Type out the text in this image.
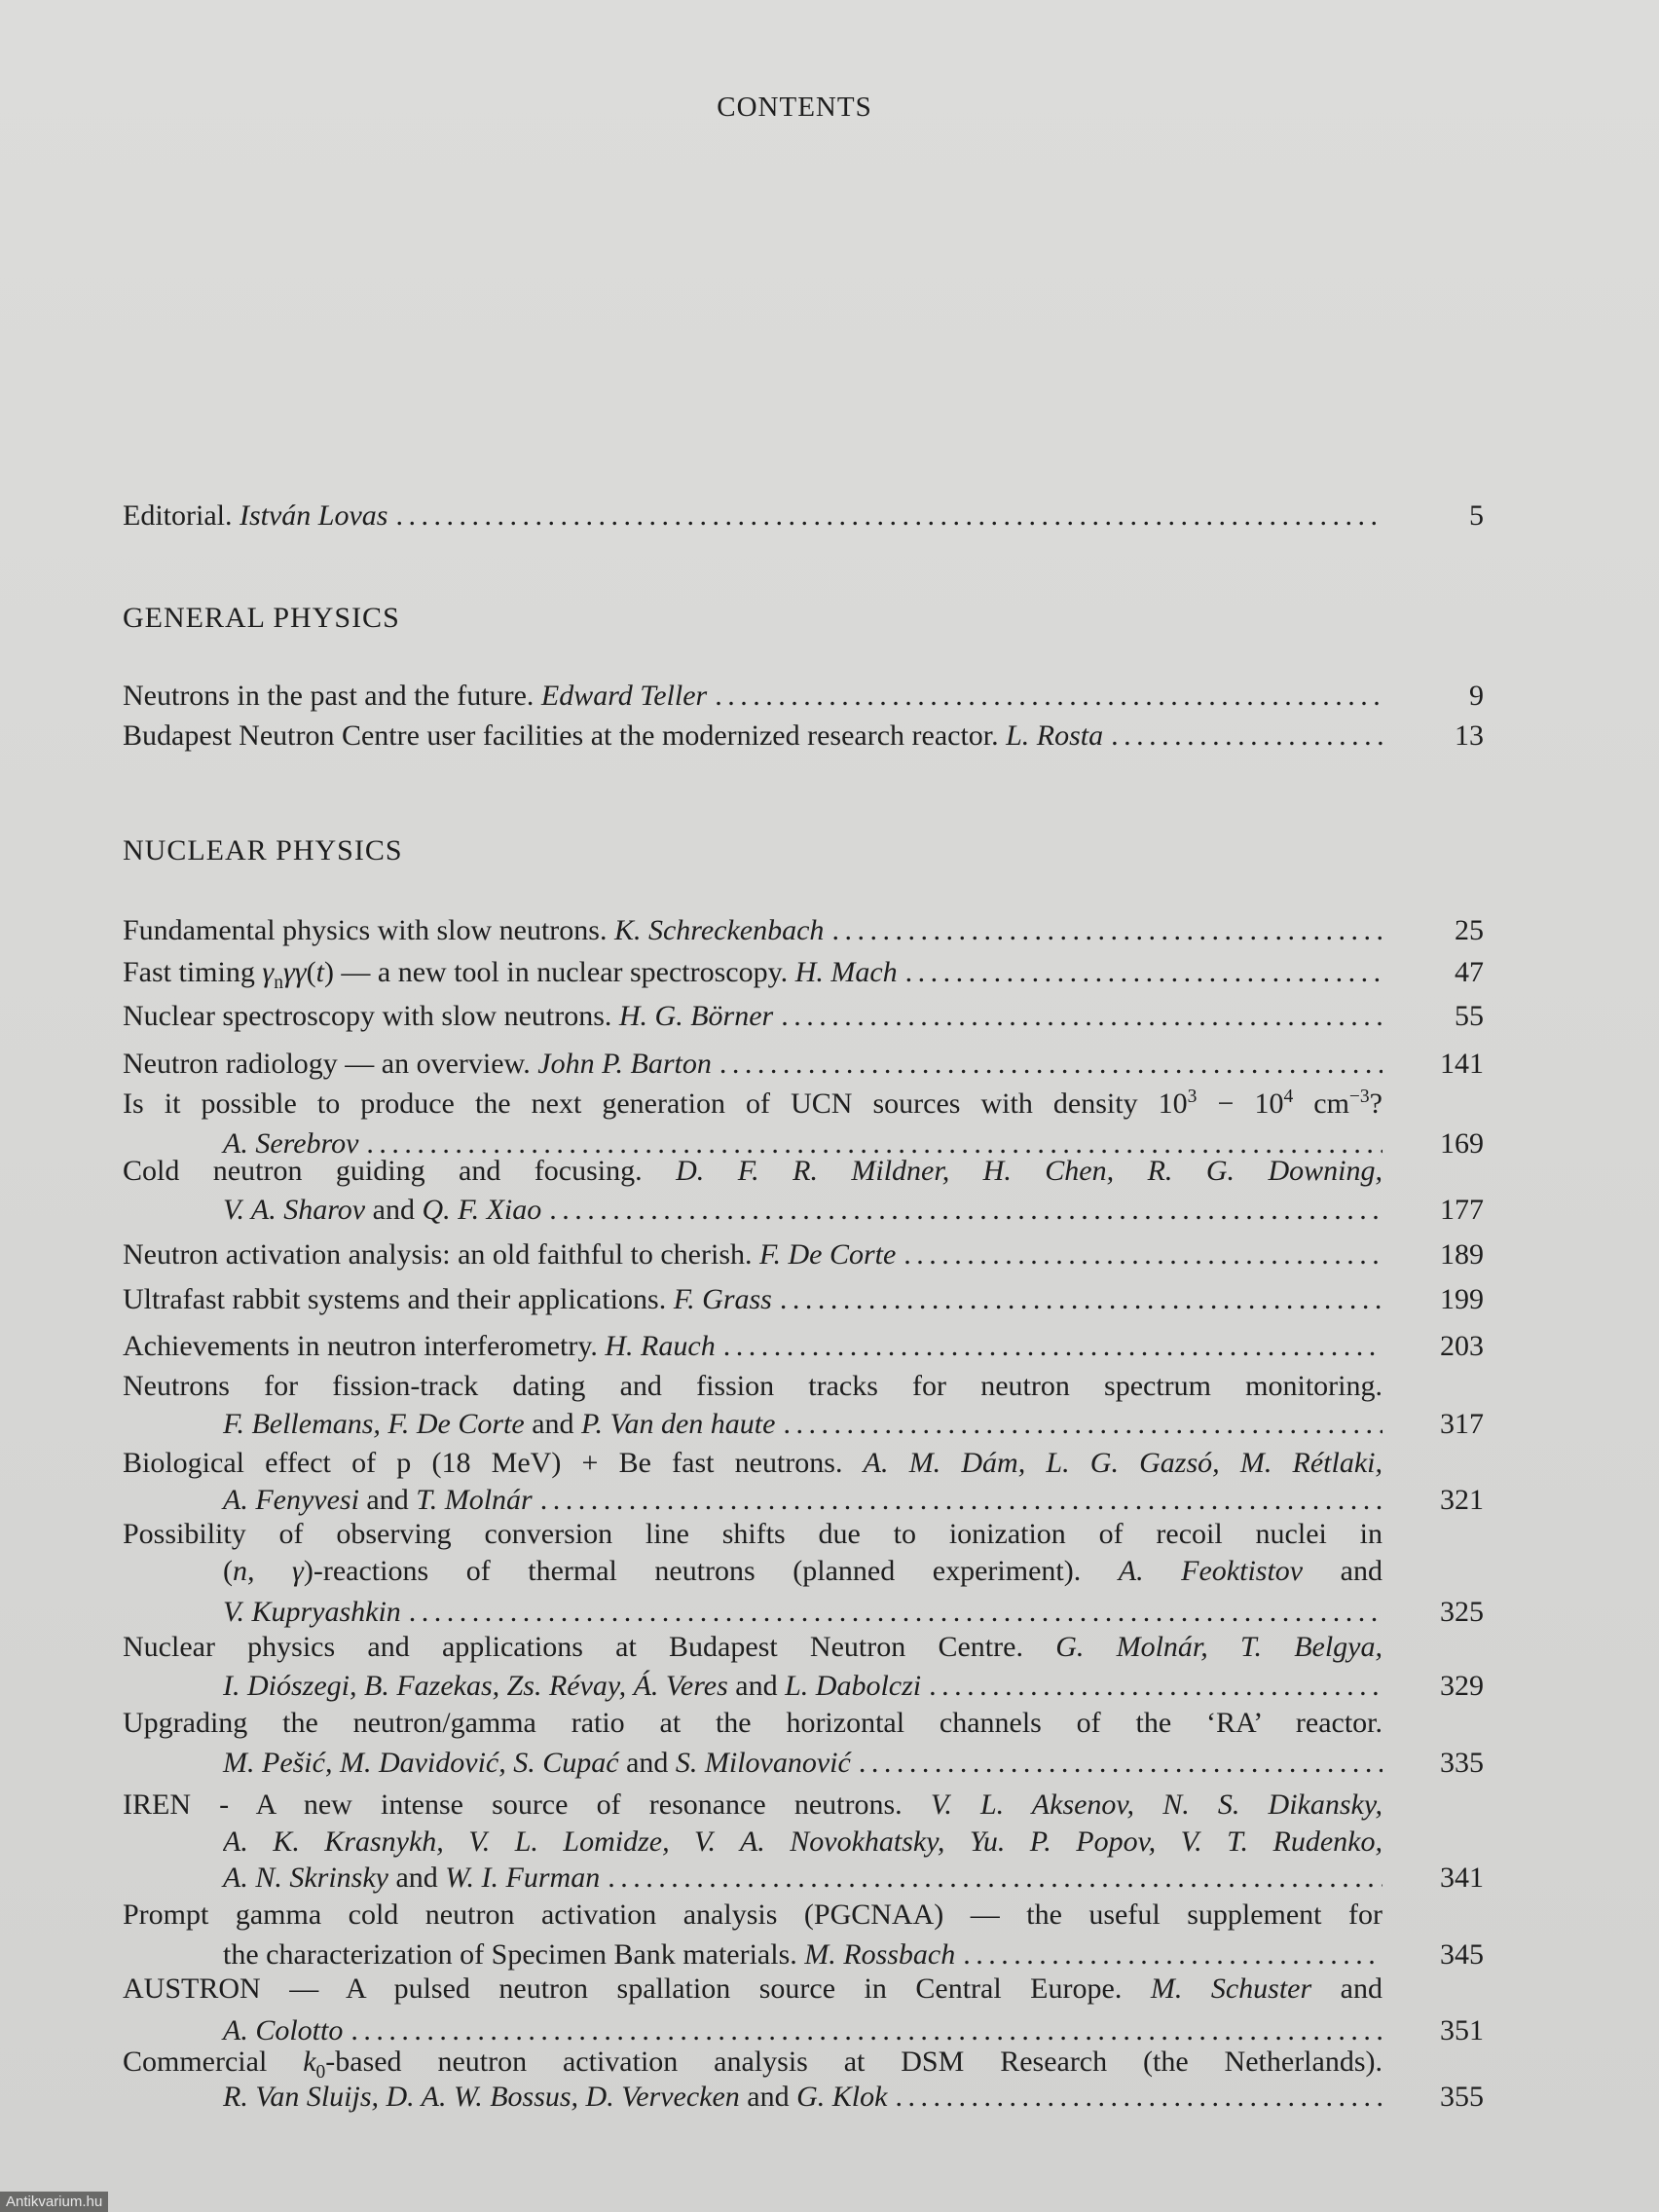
CONTENTS
GENERAL PHYSICS
NUCLEAR PHYSICS
5
Editorial. István Lovas
. . .
9
Neutrons in the past and the future. Edward Teller
. . .
13
Budapest Neutron Centre user facilities at the modernized research reactor. L. Rosta
. . .
25
Fundamental physics with slow neutrons. K. Schreckenbach
. . .
47
Fast timing $\gamma_n\gamma\gamma(t)$ — a new tool in nuclear spectroscopy. H. Mach
. . .
55
Nuclear spectroscopy with slow neutrons. H. G. Börner
. . .
141
Neutron radiology — an overview. John P. Barton
. . .
Is it possible to produce the next generation of UCN sources with density $10^3 - 10^4$ $cm^{-3}$?
169
A. Serebrov
. . .
Cold neutron guiding and focusing. D. F. R. Mildner, H. Chen, R. G. Downing,
177
V. A. Sharov and Q. F. Xiao
. . .
189
Neutron activation analysis: an old faithful to cherish. F. De Corte
. . .
199
Ultrafast rabbit systems and their applications. F. Grass
. . .
203
Achievements in neutron interferometry. H. Rauch
. . .
Neutrons for fission-track dating and fission tracks for neutron spectrum monitoring.
317
F. Bellemans, F. De Corte and P. Van den haute
. . .
Biological effect of p (18 MeV) + Be fast neutrons. A. M. Dám, L. G. Gazsó, M. Rétlaki,
321
A. Fenyvesi and T. Molnár
. . .
Possibility of observing conversion line shifts due to ionization of recoil nuclei in
(n, γ)-reactions of thermal neutrons (planned experiment). A. Feoktistov and
325
V. Kupryashkin
. . .
Nuclear physics and applications at Budapest Neutron Centre. G. Molnár, T. Belgya,
329
I. Diószegi, B. Fazekas, Zs. Révay, Á. Veres and L. Dabolczi
. . .
Upgrading the neutron/gamma ratio at the horizontal channels of the ‘RA’ reactor.
335
M. Pešić, M. Davidović, S. Cupać and S. Milovanović
. . .
IREN - A new intense source of resonance neutrons. V. L. Aksenov, N. S. Dikansky,
A. K. Krasnykh, V. L. Lomidze, V. A. Novokhatsky, Yu. P. Popov, V. T. Rudenko,
341
A. N. Skrinsky and W. I. Furman
. . .
Prompt gamma cold neutron activation analysis (PGCNAA) — the useful supplement for
345
the characterization of Specimen Bank materials. M. Rossbach
. . .
AUSTRON — A pulsed neutron spallation source in Central Europe. M. Schuster and
351
A. Colotto
. . .
Commercial $k_0$-based neutron activation analysis at DSM Research (the Netherlands).
355
R. Van Sluijs, D. A. W. Bossus, D. Vervecken and G. Klok
. . .
Antikvarium.hu
